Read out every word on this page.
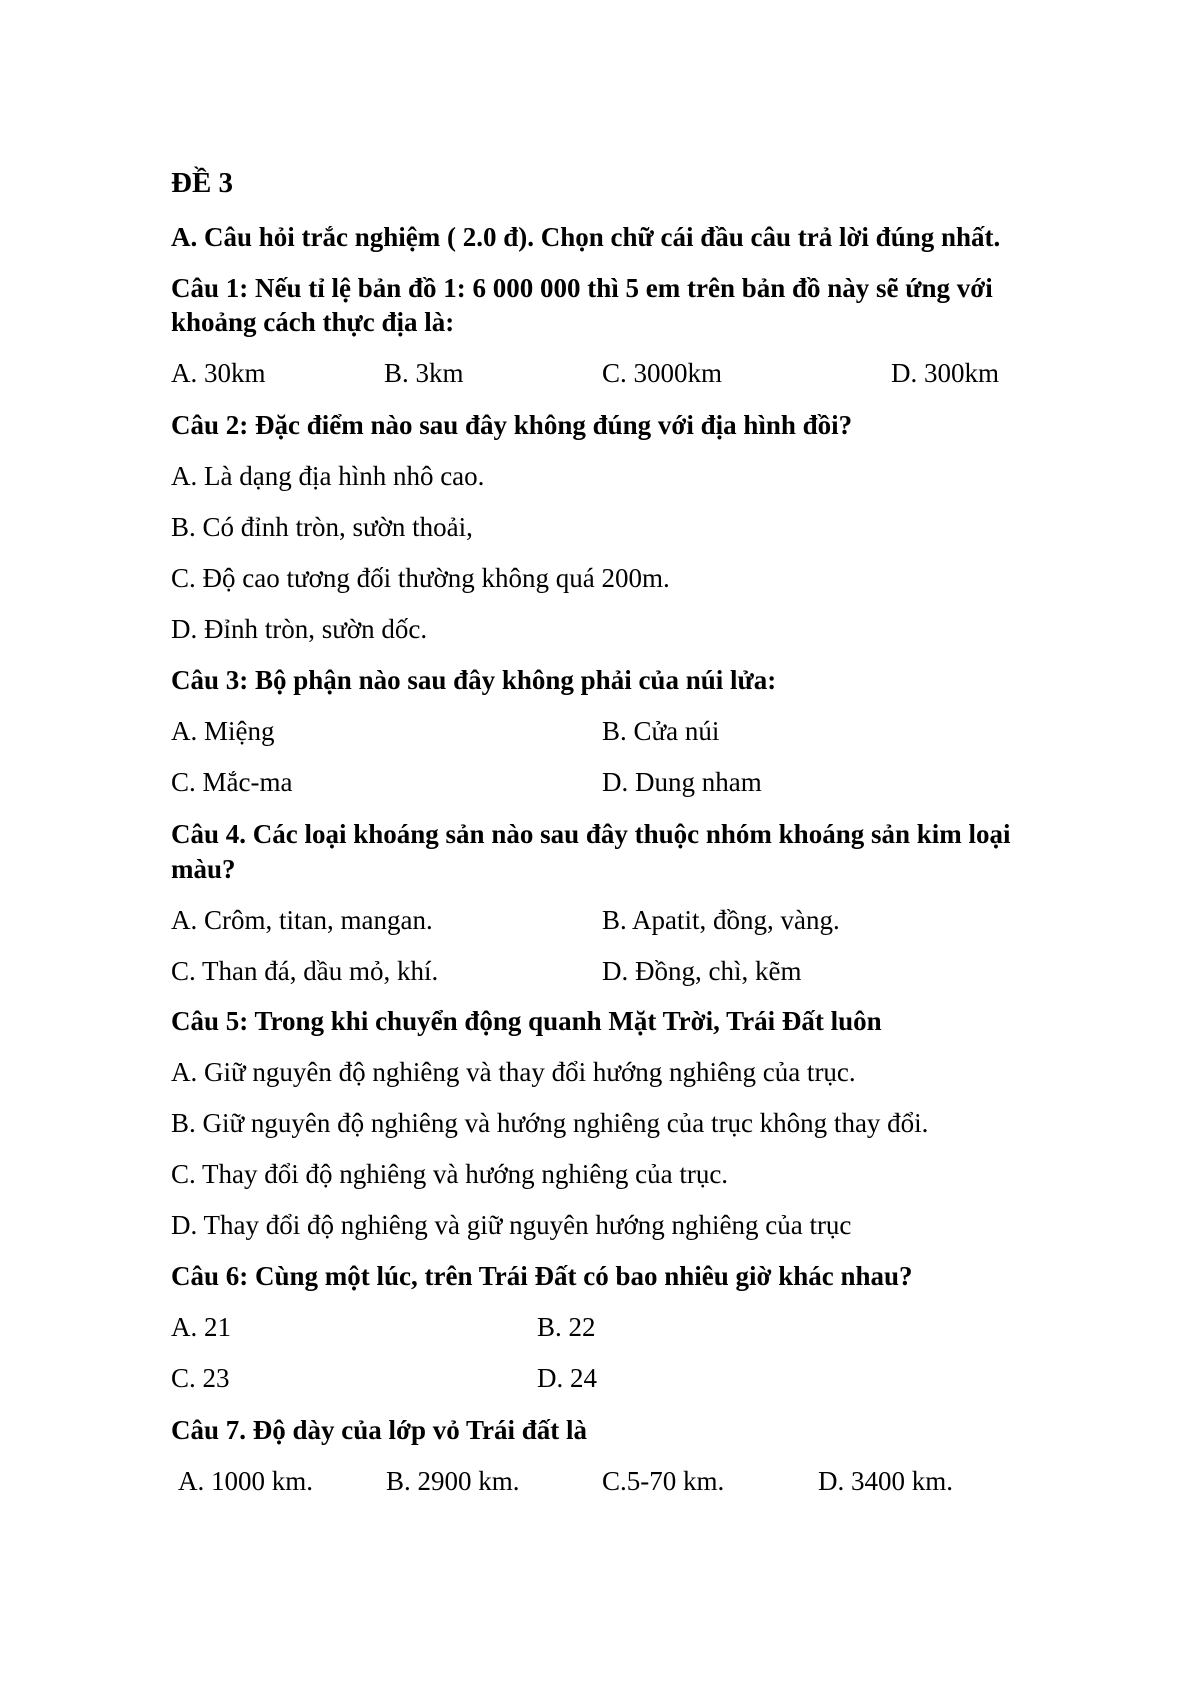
ĐỀ 3
A. Câu hỏi trắc nghiệm ( 2.0 đ). Chọn chữ cái đầu câu trả lời đúng nhất.
Câu 1: Nếu tỉ lệ bản đồ 1: 6 000 000 thì 5 em trên bản đồ này sẽ ứng với
khoảng cách thực địa là:
A. 30km	B. 3km	C. 3000km	D. 300km
Câu 2: Đặc điểm nào sau đây không đúng với địa hình đồi?
A. Là dạng địa hình nhô cao.
B. Có đỉnh tròn, sườn thoải,
C. Độ cao tương đối thường không quá 200m.
D. Đỉnh tròn, sườn dốc.
Câu 3: Bộ phận nào sau đây không phải của núi lửa:
A. Miệng	B. Cửa núi
C. Mắc-ma	D. Dung nham
Câu 4. Các loại khoáng sản nào sau đây thuộc nhóm khoáng sản kim loại
màu?
A. Crôm, titan, mangan.	B. Apatit, đồng, vàng.
C. Than đá, dầu mỏ, khí.	D. Đồng, chì, kẽm
Câu 5: Trong khi chuyển động quanh Mặt Trời, Trái Đất luôn
A. Giữ nguyên độ nghiêng và thay đổi hướng nghiêng của trục.
B. Giữ nguyên độ nghiêng và hướng nghiêng của trục không thay đổi.
C. Thay đổi độ nghiêng và hướng nghiêng của trục.
D. Thay đổi độ nghiêng và giữ nguyên hướng nghiêng của trục
Câu 6: Cùng một lúc, trên Trái Đất có bao nhiêu giờ khác nhau?
A. 21	B. 22
C. 23	D. 24
Câu 7. Độ dày của lớp vỏ Trái đất là
A. 1000 km.	B. 2900 km.	C.5-70 km.	D. 3400 km.
